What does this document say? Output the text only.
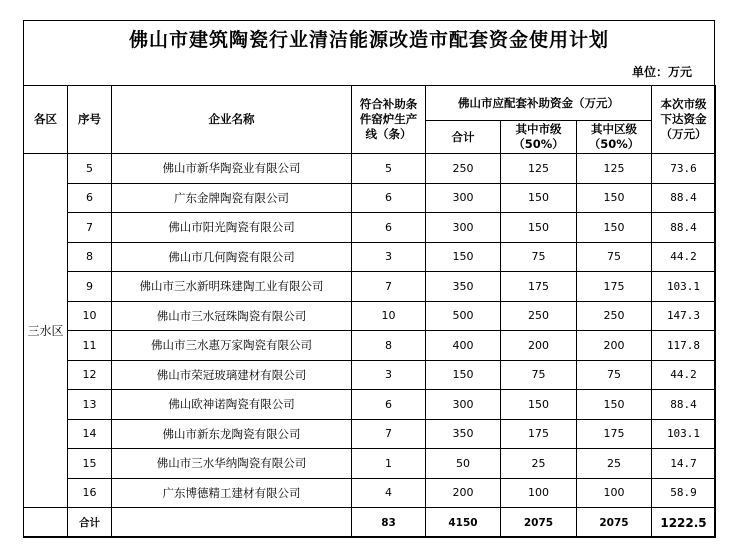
佛山市建筑陶瓷行业清洁能源改造市配套资金使用计划
单位：万元
各区	序号	企业名称	符合补助条件窑炉生产线（条）	佛山市应配套补助资金（万元）			本次市级下达资金（万元）
				合计	其中市级（50%）	其中区级（50%）	
三水区	5	佛山市新华陶瓷业有限公司	5	250	125	125	73.6
	6	广东金牌陶瓷有限公司	6	300	150	150	88.4
	7	佛山市阳光陶瓷有限公司	6	300	150	150	88.4
	8	佛山市几何陶瓷有限公司	3	150	75	75	44.2
	9	佛山市三水新明珠建陶工业有限公司	7	350	175	175	103.1
	10	佛山市三水冠珠陶瓷有限公司	10	500	250	250	147.3
	11	佛山市三水惠万家陶瓷有限公司	8	400	200	200	117.8
	12	佛山市荣冠玻璃建材有限公司	3	150	75	75	44.2
	13	佛山欧神诺陶瓷有限公司	6	300	150	150	88.4
	14	佛山市新东龙陶瓷有限公司	7	350	175	175	103.1
	15	佛山市三水华纳陶瓷有限公司	1	50	25	25	14.7
	16	广东博德精工建材有限公司	4	200	100	100	58.9
	合计		83	4150	2075	2075	1222.5
